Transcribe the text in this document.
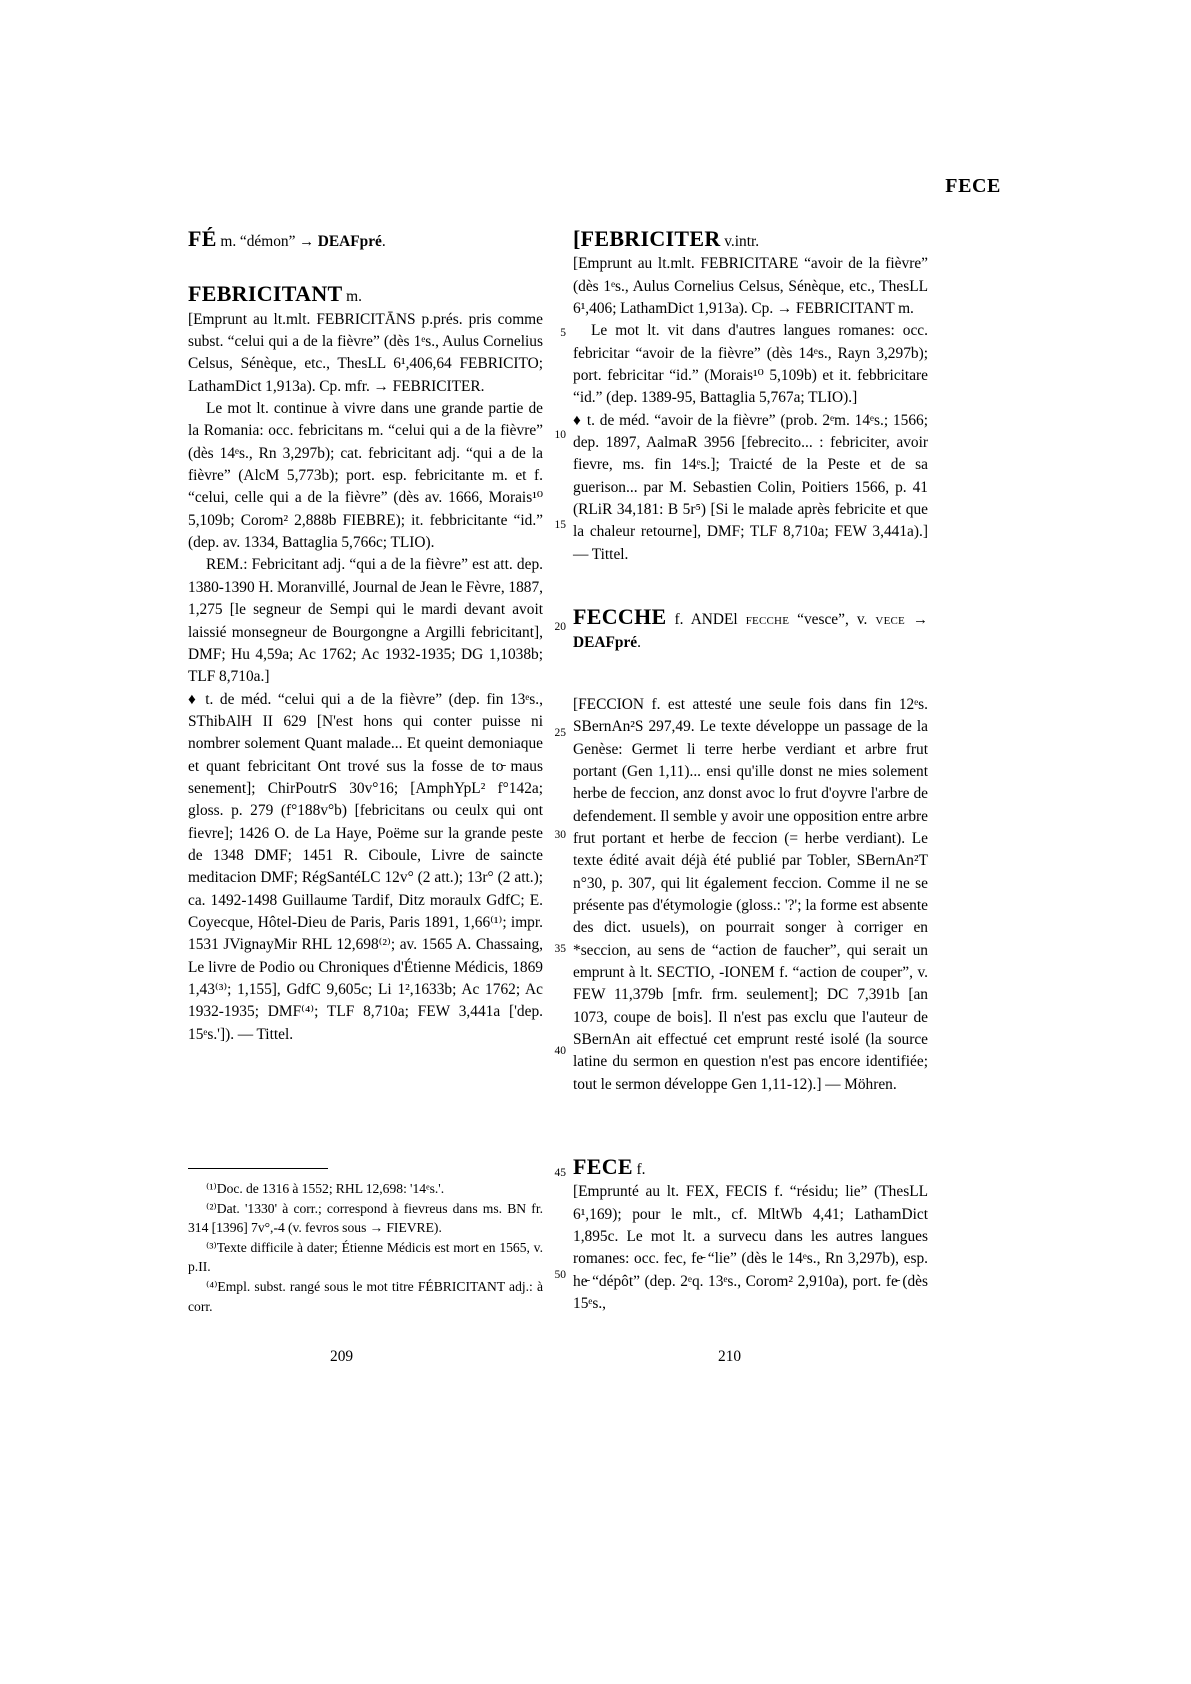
FECE
5
10
15
20
25
30
35
40
45
50

FÉ m. “démon” → DEAFpré.

FEBRICITANT m.

[Emprunt au lt.mlt. FEBRICITĀNS p.prés. pris comme subst. “celui qui a de la fièvre” (dès 1ᵉs., Aulus Cornelius Celsus, Sénèque, etc., ThesLL 6¹,406,64 FEBRICITO; LathamDict 1,913a). Cp. mfr. → FEBRICITER.

Le mot lt. continue à vivre dans une grande partie de la Romania: occ. febricitans m. “celui qui a de la fièvre” (dès 14ᵉs., Rn 3,297b); cat. febricitant adj. “qui a de la fièvre” (AlcM 5,773b); port. esp. febricitante m. et f. “celui, celle qui a de la fièvre” (dès av. 1666, Morais¹⁰ 5,109b; Corom² 2,888b FIEBRE); it. febbricitante “id.” (dep. av. 1334, Battaglia 5,766c; TLIO).

REM.: Febricitant adj. “qui a de la fièvre” est att. dep. 1380-1390 H. Moranvillé, Journal de Jean le Fèvre, 1887, 1,275 [le segneur de Sempi qui le mardi devant avoit laissié monsegneur de Bourgongne a Argilli febricitant], DMF; Hu 4,59a; Ac 1762; Ac 1932-1935; DG 1,1038b; TLF 8,710a.]

♦ t. de méd. “celui qui a de la fièvre” (dep. fin 13ᵉs., SThibAlH II 629 [N'est hons qui conter puisse ni nombrer solement Quant malade... Et queint demoniaque et quant febricitant Ont trové sus la fosse de to̵ maus senement]; ChirPoutrS 30v°16; [AmphYpL² f°142a; gloss. p. 279 (f°188v°b) [febricitans ou ceulx qui ont fievre]; 1426 O. de La Haye, Poëme sur la grande peste de 1348 DMF; 1451 R. Ciboule, Livre de saincte meditacion DMF; RégSantéLC 12v° (2 att.); 13r° (2 att.); ca. 1492-1498 Guillaume Tardif, Ditz moraulx GdfC; E. Coyecque, Hôtel-Dieu de Paris, Paris 1891, 1,66⁽¹⁾; impr. 1531 JVignayMir RHL 12,698⁽²⁾; av. 1565 A. Chassaing, Le livre de Podio ou Chroniques d'Étienne Médicis, 1869 1,43⁽³⁾; 1,155], GdfC 9,605c; Li 1²,1633b; Ac 1762; Ac 1932-1935; DMF⁽⁴⁾; TLF 8,710a; FEW 3,441a ['dep. 15ᵉs.']). — Tittel.

[FEBRICITER v.intr.

[Emprunt au lt.mlt. FEBRICITARE “avoir de la fièvre” (dès 1ᵉs., Aulus Cornelius Celsus, Sénèque, etc., ThesLL 6¹,406; LathamDict 1,913a). Cp. → FEBRICITANT m.

Le mot lt. vit dans d'autres langues romanes: occ. febricitar “avoir de la fièvre” (dès 14ᵉs., Rayn 3,297b); port. febricitar “id.” (Morais¹⁰ 5,109b) et it. febbricitare “id.” (dep. 1389-95, Battaglia 5,767a; TLIO).]

♦ t. de méd. “avoir de la fièvre” (prob. 2ᵉm. 14ᵉs.; 1566; dep. 1897, AalmaR 3956 [febrecito... : febriciter, avoir fievre, ms. fin 14ᵉs.]; Traicté de la Peste et de sa guerison... par M. Sebastien Colin, Poitiers 1566, p. 41 (RLiR 34,181: B 5r⁵) [Si le malade après febricite et que la chaleur retourne], DMF; TLF 8,710a; FEW 3,441a).] — Tittel.

FECCHE f. ANDEl fecche “vesce”, v. vece → DEAFpré.

[FECCION f. est attesté une seule fois dans fin 12ᵉs. SBernAn²S 297,49. Le texte développe un passage de la Genèse: Germet li terre herbe verdiant et arbre frut portant (Gen 1,11)... ensi qu'ille donst ne mies solement herbe de feccion, anz donst avoc lo frut d'oyvre l'arbre de defendement. Il semble y avoir une opposition entre arbre frut portant et herbe de feccion (= herbe verdiant). Le texte édité avait déjà été publié par Tobler, SBernAn²T n°30, p. 307, qui lit également feccion. Comme il ne se présente pas d'étymologie (gloss.: '?'; la forme est absente des dict. usuels), on pourrait songer à corriger en *seccion, au sens de “action de faucher”, qui serait un emprunt à lt. SECTIO, -IONEM f. “action de couper”, v. FEW 11,379b [mfr. frm. seulement]; DC 7,391b [an 1073, coupe de bois]. Il n'est pas exclu que l'auteur de SBernAn ait effectué cet emprunt resté isolé (la source latine du sermon en question n'est pas encore identifiée; tout le sermon développe Gen 1,11-12).] — Möhren.

FECE f.

[Emprunté au lt. FEX, FECIS f. “résidu; lie” (ThesLL 6¹,169); pour le mlt., cf. MltWb 4,41; LathamDict 1,895c. Le mot lt. a survecu dans les autres langues romanes: occ. fec, fe̵ “lie” (dès le 14ᵉs., Rn 3,297b), esp. he̵ “dépôt” (dep. 2ᵉq. 13ᵉs., Corom² 2,910a), port. fe̵ (dès 15ᵉs.,

⁽¹⁾Doc. de 1316 à 1552; RHL 12,698: '14ᵉs.'.

⁽²⁾Dat. '1330' à corr.; correspond à fievreus dans ms. BN fr. 314 [1396] 7v°,-4 (v. fevros sous → FIEVRE).

⁽³⁾Texte difficile à dater; Étienne Médicis est mort en 1565, v. p.II.

⁽⁴⁾Empl. subst. rangé sous le mot titre FÉBRICITANT adj.: à corr.

209	210
